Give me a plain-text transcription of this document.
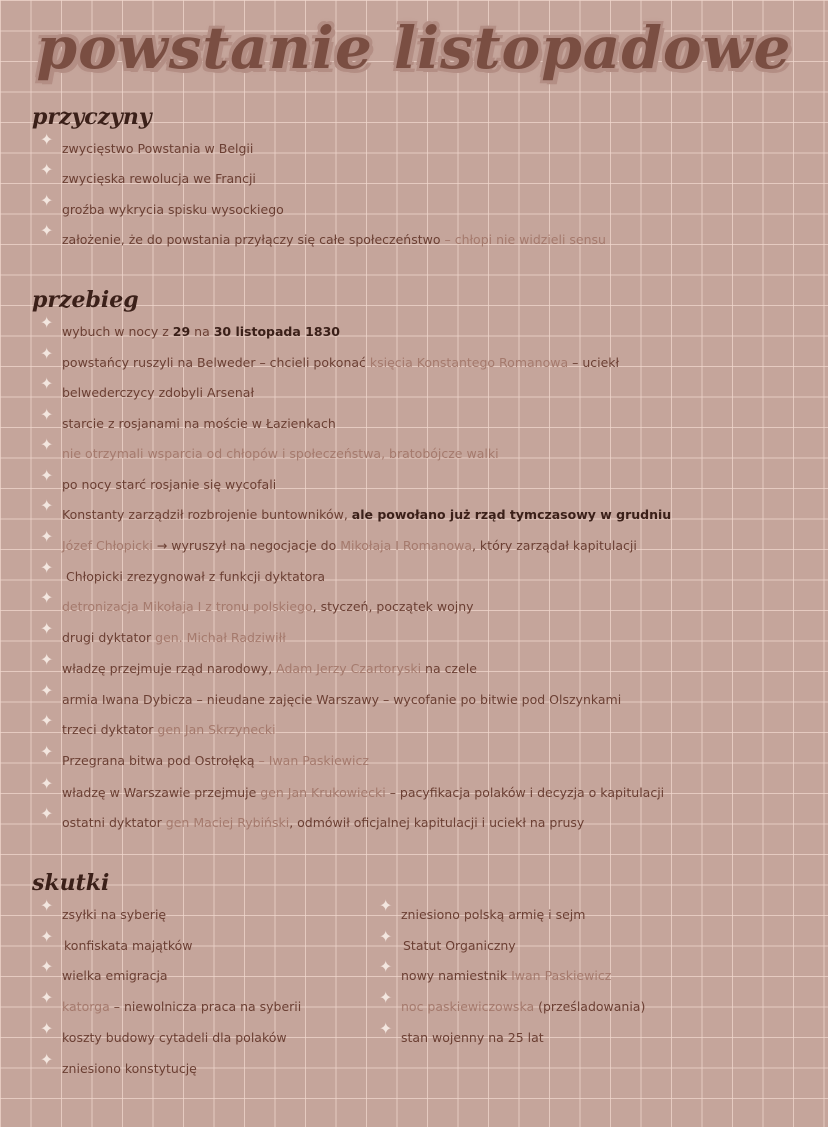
powstanie listopadowe
przyczyny
✦ zwycięstwo Powstania w Belgii
✦ zwycięska rewolucja we Francji
✦ groźba wykrycia spisku wysockiego
✦ założenie, że do powstania przyłączy się całe społeczeństwo – chłopi nie widzieli sensu
przebieg
✦ wybuch w nocy z 29 na 30 listopada 1830
✦ powstańcy ruszyli na Belweder – chcieli pokonać księcia Konstantego Romanowa – uciekł
✦ belwederczycy zdobyli Arsenał
✦ starcie z rosjanami na moście w Łazienkach
✦ nie otrzymali wsparcia od chłopów i społeczeństwa, bratobójcze walki
✦ po nocy starć rosjanie się wycofali
✦ Konstanty zarządził rozbrojenie buntowników, ale powołano już rząd tymczasowy w grudniu
✦ Józef Chłopicki → wyruszył na negocjacje do Mikołaja I Romanowa, który zarządał kapitulacji
✦ Chłopicki zrezygnował z funkcji dyktatora
✦ detronizacja Mikołaja I z tronu polskiego, styczeń, początek wojny
✦ drugi dyktator gen. Michał Radziwiłł
✦ władzę przejmuje rząd narodowy, Adam Jerzy Czartoryski na czele
✦ armia Iwana Dybicza – nieudane zajęcie Warszawy – wycofanie po bitwie pod Olszynkami
✦ trzeci dyktator gen Jan Skrzynecki
✦ Przegrana bitwa pod Ostrołęką – Iwan Paskiewicz
✦ władzę w Warszawie przejmuje gen Jan Krukowiecki – pacyfikacja polaków i decyzja o kapitulacji
✦ ostatni dyktator gen Maciej Rybiński, odmówił oficjalnej kapitulacji i uciekł na prusy
skutki
✦ zsyłki na syberię
✦ konfiskata majątków
✦ wielka emigracja
✦ katorga – niewolnicza praca na syberii
✦ koszty budowy cytadeli dla polaków
✦ zniesiono konstytucję
✦ zniesiono polską armię i sejm
✦ Statut Organiczny
✦ nowy namiestnik Iwan Paskiewicz
✦ noc paskiewiczowska (prześladowania)
✦ stan wojenny na 25 lat
